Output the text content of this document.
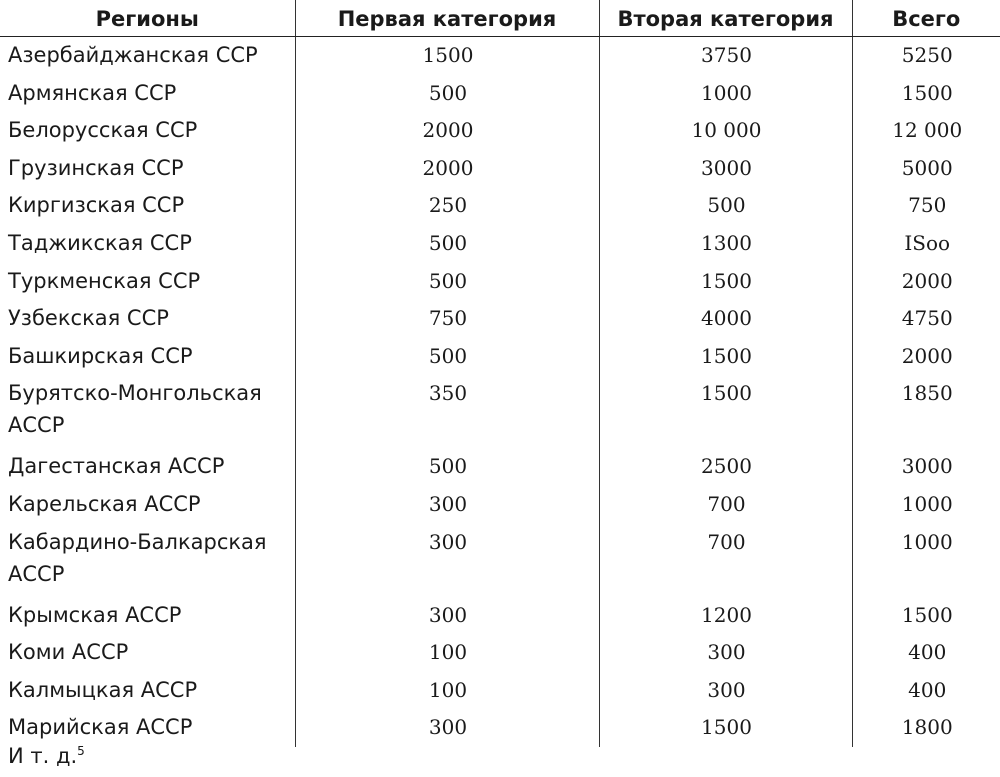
Регионы	Первая категория	Вторая категория	Всего
Азербайджанская ССР	1500	3750	5250
Армянская ССР	500	1000	1500
Белорусская ССР	2000	10 000	12 000
Грузинская ССР	2000	3000	5000
Киргизская ССР	250	500	750
Таджикская ССР	500	1300	ISoo
Туркменская ССР	500	1500	2000
Узбекская ССР	750	4000	4750
Башкирская ССР	500	1500	2000
Бурятско-Монгольская АССР	350	1500	1850
Дагестанская АССР	500	2500	3000
Карельская АССР	300	700	1000
Кабардино-Балкарская АССР	300	700	1000
Крымская АССР	300	1200	1500
Коми АССР	100	300	400
Калмыцкая АССР	100	300	400
Марийская АССР	300	1500	1800
И т. д.$^5$
